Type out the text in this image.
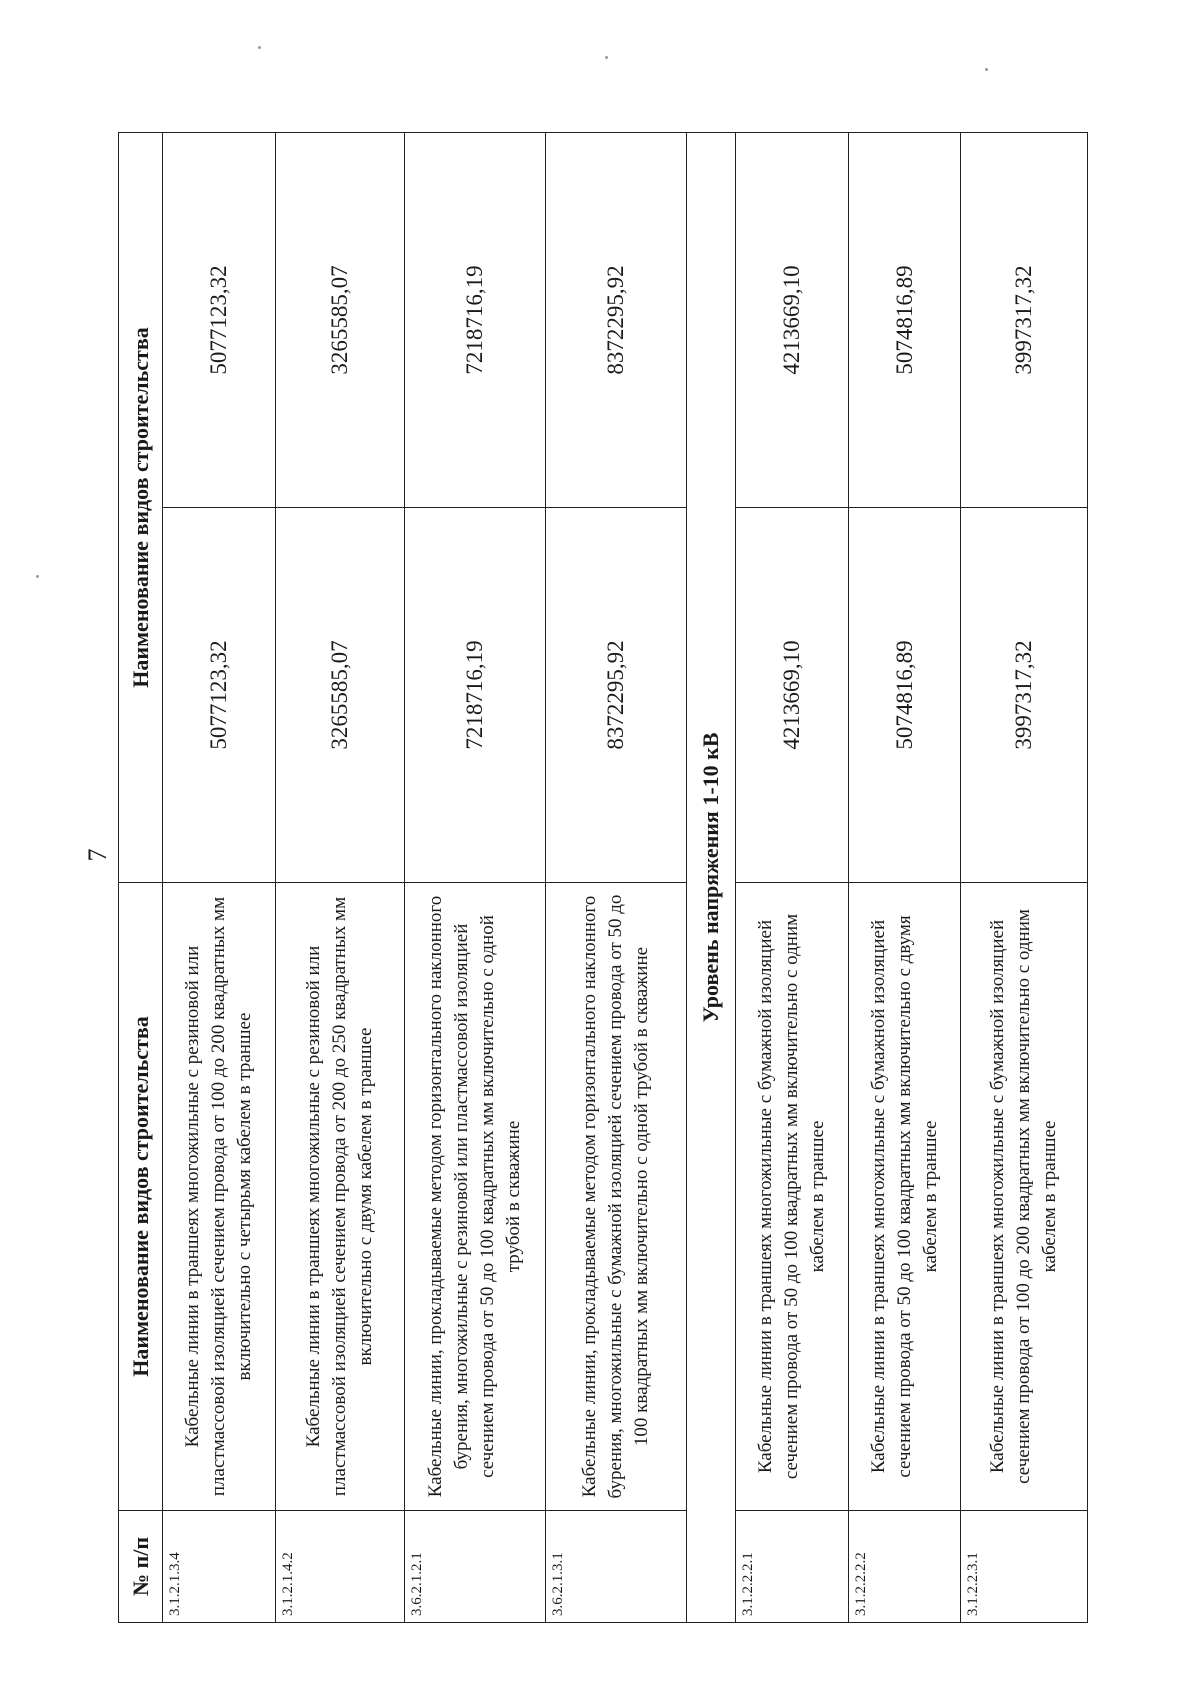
7
№ п/п	Наименование видов строительства	Наименование видов строительства	
3.1.2.1.3.4	Кабельные линии в траншеях многожильные с резиновой или пластмассовой изоляцией сечением провода от 100 до 200 квадратных мм включительно с четырьмя кабелем в траншее	5077123,32	5077123,32
3.1.2.1.4.2	Кабельные линии в траншеях многожильные с резиновой или пластмассовой изоляцией сечением провода от 200 до 250 квадратных мм включительно с двумя кабелем в траншее	3265585,07	3265585,07
3.6.2.1.2.1	Кабельные линии, прокладываемые методом горизонтального наклонного бурения, многожильные с резиновой или пластмассовой изоляцией сечением провода от 50 до 100 квадратных мм включительно с одной трубой в скважине	7218716,19	7218716,19
3.6.2.1.3.1	Кабельные линии, прокладываемые методом горизонтального наклонного бурения, многожильные с бумажной изоляцией сечением провода от 50 до 100 квадратных мм включительно с одной трубой в скважине	8372295,92	8372295,92
Уровень напряжения 1-10 кВ			
3.1.2.2.2.1	Кабельные линии в траншеях многожильные с бумажной изоляцией сечением провода от 50 до 100 квадратных мм включительно с одним кабелем в траншее	4213669,10	4213669,10
3.1.2.2.2.2	Кабельные линии в траншеях многожильные с бумажной изоляцией сечением провода от 50 до 100 квадратных мм включительно с двумя кабелем в траншее	5074816,89	5074816,89
3.1.2.2.3.1	Кабельные линии в траншеях многожильные с бумажной изоляцией сечением провода от 100 до 200 квадратных мм включительно с одним кабелем в траншее	3997317,32	3997317,32
